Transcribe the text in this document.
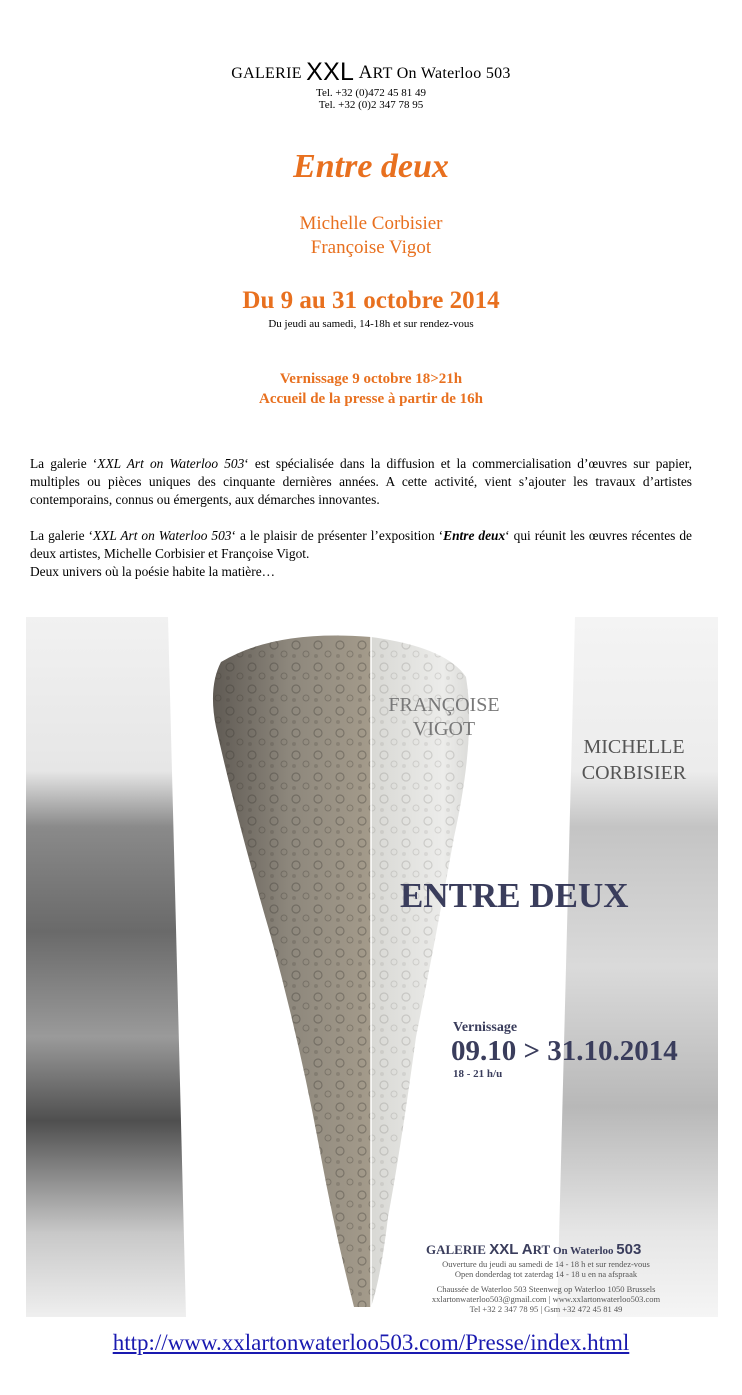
GALERIE XXL ART On Waterloo 503
Tel. +32 (0)472 45 81 49
Tel. +32 (0)2 347 78 95
Entre deux
Michelle Corbisier
Françoise Vigot
Du 9 au 31 octobre 2014
Du jeudi au samedi, 14-18h et sur rendez-vous
Vernissage 9 octobre 18>21h
Accueil de la presse à partir de 16h
La galerie ‘XXL Art on Waterloo 503‘ est spécialisée dans la diffusion et la commercialisation d’œuvres sur papier, multiples ou pièces uniques des cinquante dernières années. A cette activité, vient s’ajouter les travaux d’artistes contemporains, connus ou émergents, aux démarches innovantes.
La galerie ‘XXL Art on Waterloo 503‘ a le plaisir de présenter l’exposition ‘Entre deux‘ qui réunit les œuvres récentes de deux artistes, Michelle Corbisier et Françoise Vigot.
Deux univers où la poésie habite la matière…
FRANÇOISE
VIGOT
MICHELLE
CORBISIER
ENTRE DEUX
Vernissage
09.10 > 31.10.2014
18 - 21 h/u
GALERIE XXL ART On Waterloo 503
Ouverture du jeudi au samedi de 14 - 18 h et sur rendez-vous
Open donderdag tot zaterdag 14 - 18 u en na afspraak
Chaussée de Waterloo 503 Steenweg op Waterloo 1050 Brussels
xxlartonwaterloo503@gmail.com | www.xxlartonwaterloo503.com
Tel +32 2 347 78 95 | Gsm +32 472 45 81 49
http://www.xxlartonwaterloo503.com/Presse/index.html
